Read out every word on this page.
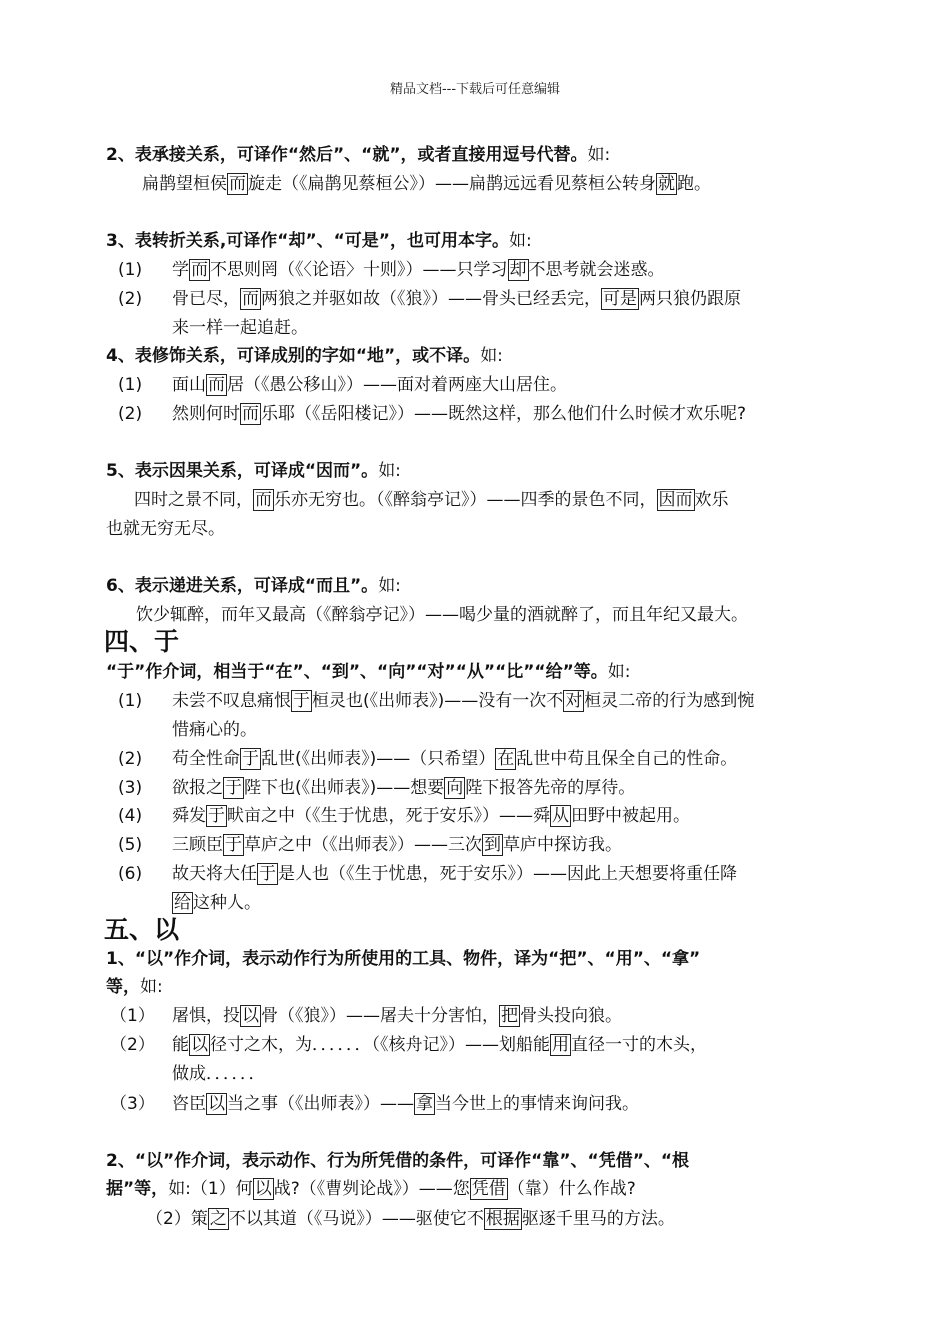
精品文档---下载后可任意编辑
2、表承接关系，可译作“然后”、“就”，或者直接用逗号代替。如:
扁鹊望桓侯 而 旋走（《扁鹊见蔡桓公》）——扁鹊远远看见蔡桓公转身 就 跑。
3、表转折关系,可译作“却”、“可是”，也可用本字。如:
(1) 学 而 不思则罔（《〈论语〉十则》）——只学习 却 不思考就会迷惑。
(2) 骨已尽， 而 两狼之并驱如故（《狼》）——骨头已经丢完， 可是 两只狼仍跟原
来一样一起追赶。
4、表修饰关系，可译成别的字如“地”，或不译。如:
(1) 面山 而 居（《愚公移山》）——面对着两座大山居住。
(2) 然则何时 而 乐耶（《岳阳楼记》）——既然这样，那么他们什么时候才欢乐呢?
5、表示因果关系，可译成“因而”。如:
四时之景不同， 而 乐亦无穷也。（《醉翁亭记》）——四季的景色不同， 因而 欢乐
也就无穷无尽。
6、表示递进关系，可译成“而且”。如:
饮少辄醉，而年又最高（《醉翁亭记》）——喝少量的酒就醉了，而且年纪又最大。
四、于
“于”作介词，相当于“在”、“到”、“向”“对”“从”“比”“给”等。如:
(1) 未尝不叹息痛恨 于 桓灵也(《出师表》)——没有一次不 对 桓灵二帝的行为感到惋
惜痛心的。
(2) 苟全性命 于 乱世(《出师表》)——（只希望） 在 乱世中苟且保全自己的性命。
(3) 欲报之 于 陛下也(《出师表》)——想要 向 陛下报答先帝的厚待。
(4) 舜发 于 畎亩之中（《生于忧患，死于安乐》）——舜 从 田野中被起用。
(5) 三顾臣 于 草庐之中（《出师表》）——三次 到 草庐中探访我。
(6) 故天将大任 于 是人也（《生于忧患，死于安乐》）——因此上天想要将重任降
给 这种人。
五、以
1、“以”作介词，表示动作行为所使用的工具、物件，译为“把”、“用”、“拿”
等，如:
（1） 屠惧，投 以 骨（《狼》）——屠夫十分害怕， 把 骨头投向狼。
（2） 能 以 径寸之木，为．．．．．．（《核舟记》）——划船能 用 直径一寸的木头，
做成．．．．．．
（3） 咨臣 以 当之事（《出师表》）—— 拿 当今世上的事情来询问我。
2、“以”作介词，表示动作、行为所凭借的条件，可译作“靠”、“凭借”、“根
据”等，如:（1）何 以 战?（《曹刿论战》）——您 凭借 （靠）什么作战?
（2）策 之 不以其道（《马说》）——驱使它不 根据 驱逐千里马的方法。
